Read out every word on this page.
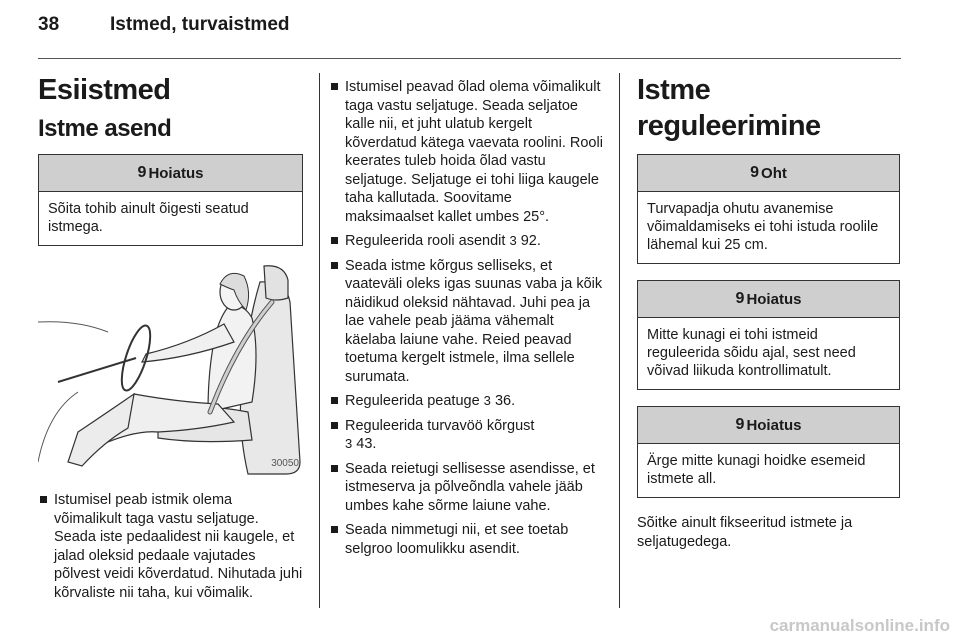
38	Istmed, turvaistmed
Esiistmed
Istme asend
9 Hoiatus
Sõita tohib ainult õigesti seatud istmega.
30050
Istumisel peab istmik olema võimalikult taga vastu seljatuge. Seada iste pedaalidest nii kaugele, et jalad oleksid pedaale vajutades põlvest veidi kõverdatud. Nihutada juhi kõrvaliste nii taha, kui võimalik.
Istumisel peavad õlad olema võimalikult taga vastu seljatuge. Seada seljatoe kalle nii, et juht ulatub kergelt kõverdatud kätega vaevata roolini. Rooli keerates tuleb hoida õlad vastu seljatuge. Seljatuge ei tohi liiga kaugele taha kallutada. Soovitame maksimaalset kallet umbes 25°.
Reguleerida rooli asendit 3 92.
Seada istme kõrgus selliseks, et vaateväli oleks igas suunas vaba ja kõik näidikud oleksid nähtavad. Juhi pea ja lae vahele peab jääma vähemalt käelaba laiune vahe. Reied peavad toetuma kergelt istmele, ilma sellele surumata.
Reguleerida peatuge 3 36.
Reguleerida turvavöö kõrgust
3 43.
Seada reietugi sellisesse asendisse, et istmeserva ja põlveõndla vahele jääb umbes kahe sõrme laiune vahe.
Seada nimmetugi nii, et see toetab selgroo loomulikku asendit.
Istme reguleerimine
9 Oht
Turvapadja ohutu avanemise võimaldamiseks ei tohi istuda roolile lähemal kui 25 cm.
9 Hoiatus
Mitte kunagi ei tohi istmeid reguleerida sõidu ajal, sest need võivad liikuda kontrollimatult.
9 Hoiatus
Ärge mitte kunagi hoidke esemeid istmete all.

Sõitke ainult fikseeritud istmete ja seljatugedega.

carmanualsonline.info
